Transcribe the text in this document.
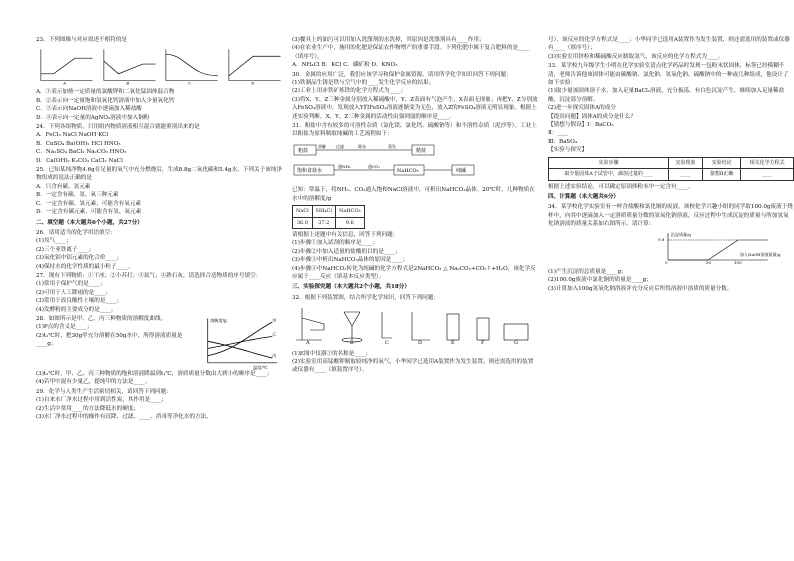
23．下列图像与对应叙述不相符的是
A	B	C	D
A．①表示加热一定质量的氯酸钾和二氧化锰固体混合物
B．②表示向一定量饱和氢氧化钙溶液中加入少量氧化钙
C．③表示向NaOH溶液中逐滴加入稀盐酸
D．④表示向一定量的AgNO₃溶液中加入铜粉
24．下列各组物质，只用组内物质溶液相互混合就能鉴别出来的是
A．FeCl₃ NaCl NaOH KCl
B．CuSO₄ Ba(OH)₂ HCl HNO₃
C．Na₂SO₄ BaCl₂ Na₂CO₃ HNO₃
D．Ca(OH)₂ K₂CO₃ CaCl₂ NaCl
25．已知某纯净物4.6g在足量的氧气中充分燃烧后，生成8.8g二氧化碳和5.4g水。下列关于该纯净物组成的说法正确的是
A．只含有碳、氢元素
B．一定含有碳、氢、氧三种元素
C．一定含有碳、氢元素，可能含有氧元素
D．一定含有碳元素，可能含有氢、氧元素
二、填空题（本大题共6个小题，共27分）
26．请用适当的化学用语填空：
(1)氖气____；
(2)三个亚铁离子____；
(3)氧化铝中铝元素的化合价____；
(4)保持水的化学性质的最小粒子____。
27．现有下列物质：①干冰；②小苏打；③氮气；④熟石灰，请选择合适物质的序号填空：
(1)常用于保护气的是____；
(2)可用于人工降雨的是____；
(3)常用于改良酸性土壤的是____；
(4)发酵粉的主要成分的是____。
28．如图所示是甲、乙、丙三种物质的溶解度曲线。
(1)P点的含义是____；
(2)t₂℃时，把30g甲充分溶解在50g水中，所得溶液质量是____g；
溶解度/g
温度/℃
甲
乙
丙
(3)t₂℃时，甲、乙、丙三种物质的饱和溶液降温到t₁℃，溶质质量分数由大到小的顺序是____；
(4)若甲中混有少量乙，提纯甲的方法是____。
29．化学与人类生产生活密切相关，请回答下列问题：
(1)自来水厂净水过程中用到活性炭，其作用是____；
(2)生活中常用____的方法降低水的硬度；
(3)水厂净水过程中的操作有沉降、过滤、____、消毒等净化水的方法。
(3)餐具上的油污可以用加入洗涤剂的水洗掉，其原因是洗涤剂具有____作用；
(4)在农业生产中，施用的化肥是保证农作物增产的重要手段。下列化肥中属于复合肥料的是____（填序号）。
A．NH₄Cl B．KCl C．磷矿粉 D．KNO₃
30．金属的应用广泛，我们应该学习和保护金属资源。请用所学化学知识回答下列问题：
(1)铁制品生锈是铁与空气中的____发生化学反应的结果；
(2)工业上用赤铁矿炼铁的化学方程式为____；
(3)将X、Y、Z三种金属分别放入稀硫酸中，Y、Z表面有气泡产生，X表面无现象；再把Y、Z分别放入FeSO₄溶液中，发现放入Y的FeSO₄溶液逐渐变为无色，放入Z的FeSO₄溶液无明显现象。根据上述实验判断，X、Y、Z三种金属的活动性由强到弱的顺序是____。
31．粗盐中含有较多的可溶性杂质（氯化镁、氯化钙、硫酸钠等）和不溶性杂质（泥沙等）。工业上以粗盐为原料制取纯碱的工艺流程如下：
粗盐
溶解	过滤	除杂	蒸发
精盐
饱和食盐水
通NH₃	通CO₂
NaHCO₃	纯碱
已知：常温下，将NH₃、CO₂通入饱和NaCl溶液中，可析出NaHCO₃晶体。20℃时，几种物质在水中的溶解度/g
NaCl	NH₄Cl	NaHCO₃
36.0	37.2	9.6
请根据上述题中有关信息，回答下列问题：
(1)步骤①加入试剂的顺序是____；
(2)步骤②中加入适量的盐酸的目的是____；
(3)步骤③中析出NaHCO₃晶体的原因是____；
(4)步骤④中NaHCO₃转化为纯碱的化学方程式是2NaHCO₃ △ Na₂CO₃+CO₂↑+H₂O，该化学反应属于____反应（填基本反应类型）。
三、实验探究题（本大题共2个小题，共18分）
32．根据下列装置图，结合所学化学知识，回答下列问题：
A	B	C	D	E	F	G
(1)E图中仪器①的名称是____；
(2)实验室用高锰酸钾制取较纯净的氧气，小华同学已选用A装置作为发生装置，则还需选用的装置或仪器有____（填装置序号）。
号），该反应的化学方程式是____；小华同学已选用A装置作为发生装置，则还需选用的装置或仪器有____（填序号）；
(3)实验室用锌粒和稀硫酸反应制取氢气，该反应的化学方程式为____。
33．某学校九年级学生小明在化学实验室清点化学药品时发现一包粉末状固体，标签已经模糊不清，老师告诉他该固体可能由碳酸钠、氯化钠、氢氧化钠、硫酸钠中的一种或几种组成，他设计了如下实验：
(1)取少量该固体溶于水，加入足量BaCl₂溶液，充分振荡，有白色沉淀产生，继续加入足量稀盐酸，沉淀部分溶解。
(2)进一步探究固体A的成分
【提出问题】固体A的成分是什么？
【猜想与假设】Ⅰ：BaCO₃
Ⅱ：____
Ⅲ：BaSO₄
【实验与探究】
实验步骤	实验现象	实验结论	相关化学方程式
取少量固体A于试管中，滴加过量的____	____	猜想Ⅱ正确	____
根据上述实验结论，可以确定原固体粉末中一定含有____。
四、计算题（本大题共6分）
34．某学校化学实验室有一杯含盐酸和氯化铜的废液，该校化学兴趣小组的同学取100.0g废液于烧杯中，向其中逐滴加入一定溶质质量分数的氢氧化钠溶液，反应过程中生成沉淀的质量与所加氢氧化钠溶液的质量关系如右图所示。请计算：
沉淀质量/g
9.8
0	50	100
加入NaOH溶液质量/g
(1)产生沉淀的总质量是____g；
(2)100.0g废液中氯化铜的质量是____g；
(3)计算加入100g氢氧化钠溶液并充分反应后所得溶液中溶质的质量分数。
